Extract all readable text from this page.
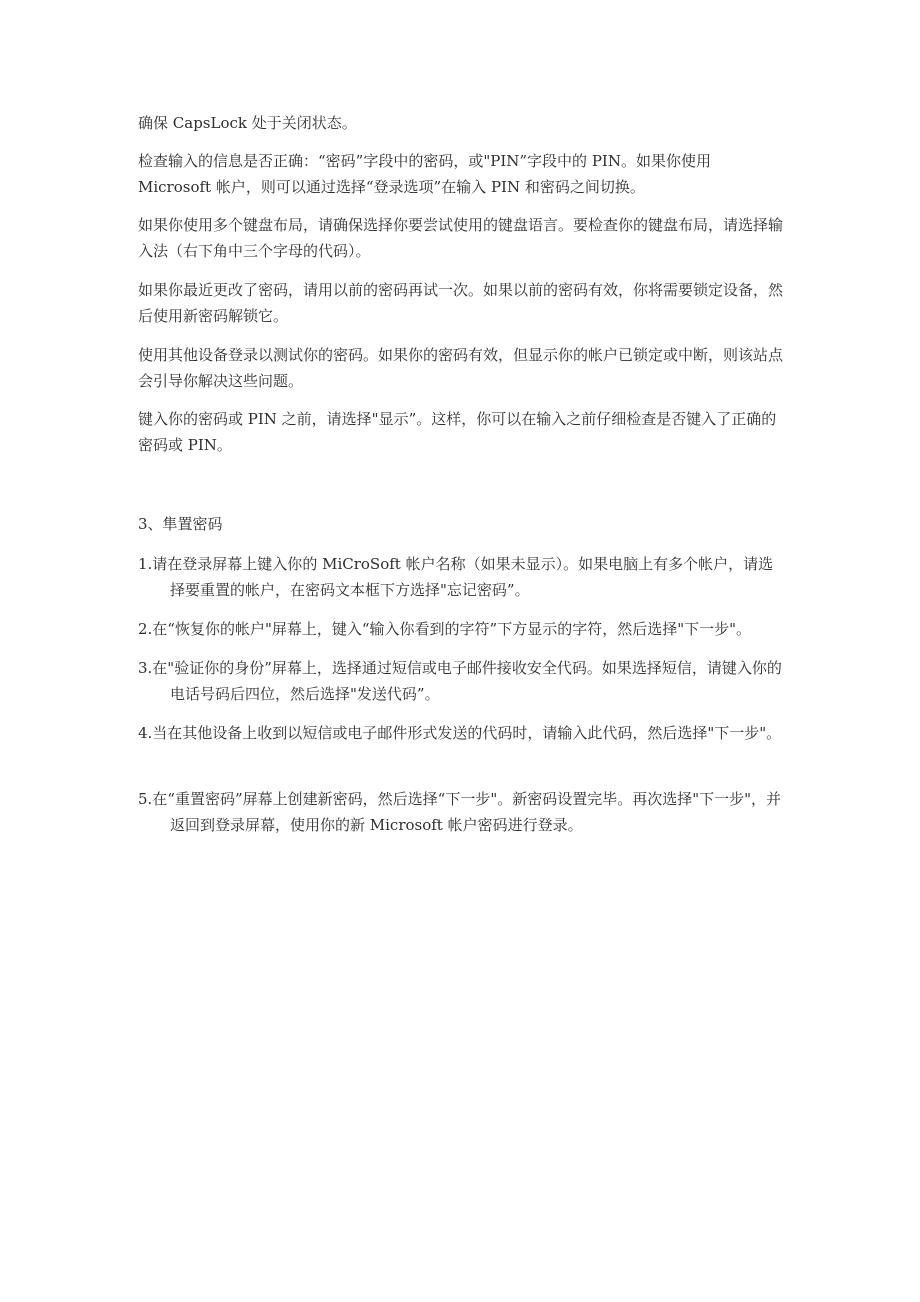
确保 CapsLock 处于关闭状态。

检查输入的信息是否正确：“密码”字段中的密码，或"PIN”字段中的 PIN。如果你使用 Microsoft 帐户，则可以通过选择“登录选项”在输入 PIN 和密码之间切换。

如果你使用多个键盘布局，请确保选择你要尝试使用的键盘语言。要检查你的键盘布局，请选择输入法（右下角中三个字母的代码）。

如果你最近更改了密码，请用以前的密码再试一次。如果以前的密码有效，你将需要锁定设备，然后使用新密码解锁它。

使用其他设备登录以测试你的密码。如果你的密码有效，但显示你的帐户已锁定或中断，则该站点会引导你解决这些问题。

键入你的密码或 PIN 之前，请选择"显示”。这样，你可以在输入之前仔细检查是否键入了正确的密码或 PIN。

3、隼置密码

1.请在登录屏幕上键入你的 MiCroSoft 帐户名称（如果未显示）。如果电脑上有多个帐户，请选择要重置的帐户，在密码文本框下方选择"忘记密码”。

2.在“恢复你的帐户"屏幕上，键入“输入你看到的字符”下方显示的字符，然后选择"下一步"。

3.在"验证你的身份”屏幕上，选择通过短信或电子邮件接收安全代码。如果选择短信，请键入你的电话号码后四位，然后选择"发送代码”。

4.当在其他设备上收到以短信或电子邮件形式发送的代码时，请输入此代码，然后选择"下一步"。

5.在“重置密码”屏幕上创建新密码，然后选择“下一步"。新密码设置完毕。再次选择"下一步"，并返回到登录屏幕，使用你的新 Microsoft 帐户密码进行登录。
